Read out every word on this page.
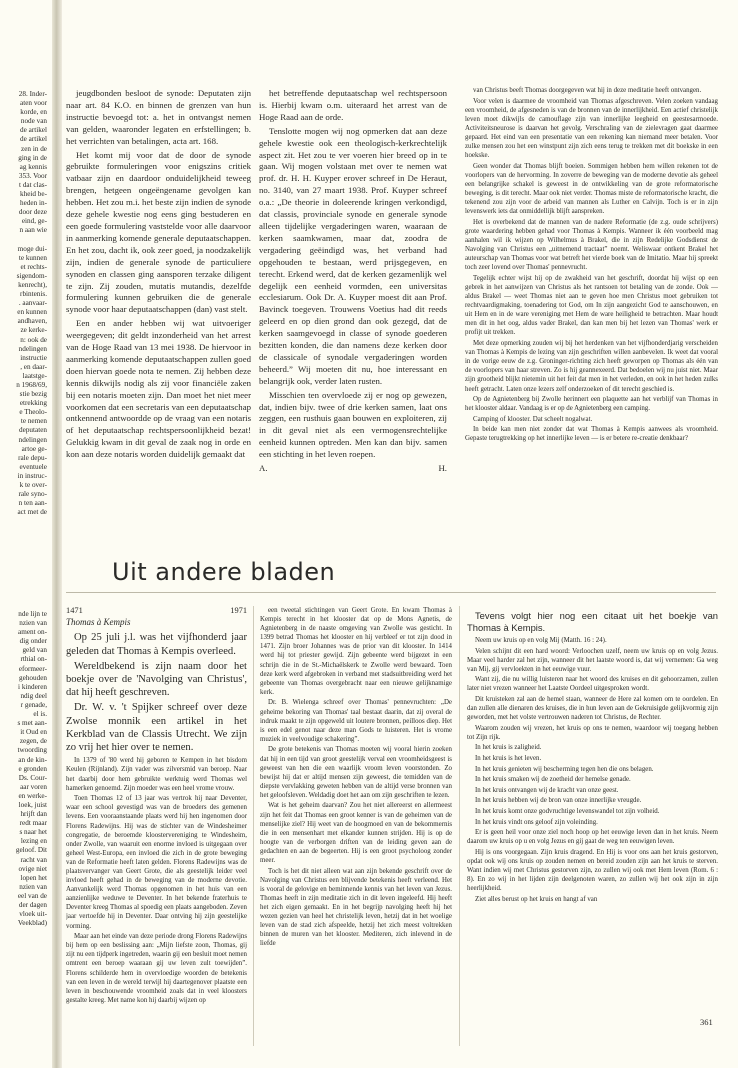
28. Inder-
aten voor
korde, en
node van
de artikel
de artikel
zen in de
ging in de
ag kennis
353. Voor
t dat clas-
kheid be-
heden in-
door deze
eind, ge-
n aan wie

moge dui-
te kunnen
et rechts-
sigendom-
kenrecht),
rbintenis.
. aanvaar-
en kunnen
andhaven,
ze kerke-
n: ook de
ndelingen
instructie
, en daar-
laatstge-
n 1968/69,
stie bezig
etrekking
e Theolo-
te nemen
deputaten
ndelingen
artoe ge-
rale depu-
eventuele
in instruc-
k te over-
rale syno-
n ten aan-
act met de
nde lijn te
nzien van
ament on-
dig onder
geld van
rthial on-
eformeer-
gehouden
i kinderen
ndig deel
r genade,
el is.
s met aan-
it Oud en
zegen, de
twoording
an de kin-
e gronden
Ds. Cour-
aar voren
en werke-
loek, juist
hrijft dan
redt maar
s naar het
lezing en
geloof. Dit
racht van
ovige niet
lopen het
nzien van
eel van de
der dagen
vloek uit-
Veekblad)

jeugdbonden besloot de synode: Deputaten zijn naar art. 84 K.O. en binnen de grenzen van hun instructie bevoegd tot: a. het in ontvangst nemen van gelden, waaronder legaten en erfstellingen; b. het verrichten van betalingen, acta art. 168.

Het komt mij voor dat de door de synode gebruikte formuleringen voor enigszins critiek vatbaar zijn en daardoor onduidelijkheid teweeg brengen, hetgeen ongeëngename gevolgen kan hebben. Het zou m.i. het beste zijn indien de synode deze gehele kwestie nog eens ging bestuderen en een goede formulering vaststelde voor alle daarvoor in aanmerking komende generale deputaatschappen. En het zou, dacht ik, ook zeer goed, ja noodzakelijk zijn, indien de generale synode de particuliere synoden en classen ging aansporen terzake diligent te zijn. Zij zouden, mutatis mutandis, dezelfde formulering kunnen gebruiken die de generale synode voor haar deputaatschappen (dan) vast stelt.

Een en ander hebben wij wat uitvoeriger weergegeven; dit geldt inzonderheid van het arrest van de Hoge Raad van 13 mei 1938. De hiervoor in aanmerking komende deputaatschappen zullen goed doen hiervan goede nota te nemen. Zij hebben deze kennis dikwijls nodig als zij voor financiële zaken bij een notaris moeten zijn. Dan moet het niet meer voorkomen dat een secretaris van een deputaatschap ontkennend antwoordde op de vraag van een notaris of het deputaatschap rechtspersoonlijkheid bezat! Gelukkig kwam in dit geval de zaak nog in orde en kon aan deze notaris worden duidelijk gemaakt dat

het betreffende deputaatschap wel rechtspersoon is. Hierbij kwam o.m. uiteraard het arrest van de Hoge Raad aan de orde.

Tenslotte mogen wij nog opmerken dat aan deze gehele kwestie ook een theologisch-kerkrechtelijk aspect zit. Het zou te ver voeren hier breed op in te gaan. Wij mogen volstaan met over te nemen wat prof. dr. H. H. Kuyper erover schreef in De Heraut, no. 3140, van 27 maart 1938. Prof. Kuyper schreef o.a.: „De theorie in doleerende kringen verkondigd, dat classis, provinciale synode en generale synode alleen tijdelijke vergaderingen waren, waaraan de kerken saamkwamen, maar dat, zoodra de vergadering geëindigd was, het verband had opgehouden te bestaan, werd prijsgegeven, en terecht. Erkend werd, dat de kerken gezamenlijk wel degelijk een eenheid vormden, een universitas ecclesiarum. Ook Dr. A. Kuyper moest dit aan Prof. Bavinck toegeven. Trouwens Voetius had dit reeds geleerd en op dien grond dan ook gezegd, dat de kerken saamgevoegd in classe of synode goederen bezitten konden, die dan namens deze kerken door de classicale of synodale vergaderingen worden beheerd.” Wij moeten dit nu, hoe interessant en belangrijk ook, verder laten rusten.

Misschien ten overvloede zij er nog op gewezen, dat, indien bijv. twee of drie kerken samen, laat ons zeggen, een rusthuis gaan bouwen en exploiteren, zij in dit geval niet als een vermogensrechtelijke eenheid kunnen optreden. Men kan dan bijv. samen een stichting in het leven roepen.

A.	H.

van Christus beeft Thomas doorgegeven wat hij in deze meditatie heeft ontvangen.

Voor velen is daarmee de vroomheid van Thomas afgeschreven. Velen zoeken vandaag een vroomheid, de afgesneden is van de bronnen van de innerlijkheid. Een actief christelijk leven moet dikwijls de camouflage zijn van innerlijke leegheid en geestesarmoede. Activiteitsneurose is daarvan het gevolg. Verschraling van de zielevragen gaat daarmee gepaard. Het eind van een presentatie van een rekening kan niemand meer betalen. Voor zulke mensen zou het een winstpunt zijn zich eens terug te trekken met dit boekske in een hoekske.

Geen wonder dat Thomas blijft boeien. Sommigen hebben hem willen rekenen tot de voorlopers van de hervorming. In zoverre de beweging van de moderne devotie als geheel een belangrijke schakel is geweest in de ontwikkeling van de grote reformatorische beweging, is dit terecht. Maar ook niet verder. Thomas miste de reformatorische kracht, die tekenend zou zijn voor de arbeid van mannen als Luther en Calvijn. Toch is er in zijn levenswerk iets dat onmiddellijk blijft aanspreken.

Het is overbekend dat de mannen van de nadere Reformatie (de z.g. oude schrijvers) grote waardering hebben gehad voor Thomas à Kempis. Wanneer ik één voorbeeld mag aanhalen wil ik wijzen op Wilhelmus à Brakel, die in zijn Redelijke Godsdienst de Navolging van Christus een „uitnemend tractaat” noemt. Weliswaar ontkent Brakel het auteurschap van Thomas voor wat betreft het vierde boek van de Imitatio. Maar hij spreekt toch zeer lovend over Thomas' pennevrucht.

Tegelijk echter wijst hij op de zwakheid van het geschrift, doordat hij wijst op een gebrek in het aanwijzen van Christus als het rantsoen tot betaling van de zonde. Ook — aldus Brakel — weet Thomas niet aan te geven hoe men Christus moet gebruiken tot rechtvaardigmaking, toenadering tot God, om In zijn aangezicht God te aanschouwen, en uit Hem en in de ware vereniging met Hem de ware heiligheid te betrachten. Maar houdt men dit in het oog, aldus vader Brakel, dan kan men bij het lezen van Thomas' werk er profijt uit trekken.

Met deze opmerking zouden wij bij het herdenken van het vijfhonderdjarig verscheiden van Thomas à Kempis de lezing van zijn geschriften willen aanbevelen. Ik weet dat vooral in de vorige eeuw de z.g. Groninger-richting zich heeft geworpen op Thomas als één van de voorlopers van haar streven. Zo is hij geannexeerd. Dat bedoelen wij nu juist niet. Maar zijn grootheid blijkt nietemin uit het feit dat men in het verleden, en ook in het heden zulks heeft getracht. Laten onze lezers zelf onderzoeken of dit terecht geschied is.

Op de Agnietenberg bij Zwolle herinnert een plaquette aan het verblijf van Thomas in het klooster aldaar. Vandaag is er op de Agnietenberg een camping.

Camping of klooster. Dat scheelt nogalwat.

In beide kan men niet zonder dat wat Thomas à Kempis aanwees als vroomheid. Gepaste terugtrekking op het innerlijke leven — is er betere re-creatie denkbaar?

Uit andere bladen
1471	1971
Thomas à Kempis

Op 25 juli j.l. was het vijfhonderd jaar geleden dat Thomas à Kempis overleed.

Wereldbekend is zijn naam door het boekje over de 'Navolging van Christus', dat hij heeft geschreven.

Dr. W. v. 't Spijker schreef over deze Zwolse monnik een artikel in het Kerkblad van de Classis Utrecht. We zijn zo vrij het hier over te nemen.

In 1379 of '80 werd hij geboren te Kempen in het bisdom Keulen (Rijnland). Zijn vader was zilversmid van beroep. Naar het daarbij door hem gebruikte werktuig werd Thomas wel hamerken genoemd. Zijn moeder was een heel vrome vrouw.

Toen Thomas 12 of 13 jaar was vertrok hij naar Deventer, waar een school gevestigd was van de broeders des gemenen levens. Een vooraanstaande plaats werd hij hen ingenomen door Florens Radewijns. Hij was de stichter van de Windesheimer congregatie, de beroemde kloostervereniging te Windesheim, onder Zwolle, van waaruit een enorme invloed is uitgegaan over geheel West-Europa, een invloed die zich in de grote beweging van de Reformatie heeft laten gelden. Florens Radewijns was de plaatsvervanger van Geert Grote, die als geestelijk leider veel invloed heeft gehad in de beweging van de moderne devotie. Aanvankelijk werd Thomas opgenomen in het huis van een aanzienlijke weduwe te Deventer. In het bekende fraterhuis te Deventer kreeg Thomas al spoedig een plaats aangeboden. Zeven jaar vertoefde hij in Deventer. Daar ontving hij zijn geestelijke vorming.

Maar aan het einde van deze periode drong Florens Radewijns bij hem op een beslissing aan: „Mijn liefste zoon, Thomas, gij zijt nu een tijdperk ingetreden, waarin gij een besluit moet nemen omtrent een beroep waaraan gij uw leven zult toewijden”. Florens schilderde hem in overvloedige woorden de betekenis van een leven in de wereld terwijl hij daartegenover plaatste een leven in beschouwende vroomheid zoals dat in veel kloosters gestalte kreeg. Met name kon hij daarbij wijzen op

een tweetal stichtingen van Geert Grote. En kwam Thomas à Kempis terecht in het klooster dat op de Mons Agnetis, de Agnietenberg in de naaste omgeving van Zwolle was gesticht. In 1399 betrad Thomas het klooster en hij verbleef er tot zijn dood in 1471. Zijn broer Johannes was de prior van dit klooster. In 1414 werd hij tot priester gewijd. Zijn gebeente werd bijgezet in een schrijn die in de St.-Michaëlskerk te Zwolle werd bewaard. Toen deze kerk werd afgebroken in verband met stadsuitbreiding werd het gebeente van Thomas overgebracht naar een nieuwe gelijknamige kerk.

Dr. B. Wielenga schreef over Thomas' pennevruchten: „De geheime bekoring van Thomas' taal bestaat daarin, dat zij overal de indruk maakt te zijn opgeweld uit loutere bronnen, peilloos diep. Het is een edel genot naar deze man Gods te luisteren. Het is vrome muziek in veelvoudige schakering”.

De grote betekenis van Thomas moeten wij vooral hierin zoeken dat hij in een tijd van groot geestelijk verval een vroomheidsgeest is geweest van hen die een waarlijk vroom leven voorstonden. Zo bewijst hij dat er altijd mensen zijn geweest, die temidden van de diepste vervlakking geweten hebben van de altijd verse bronnen van het geloofsleven. Weldadig doet het aan om zijn geschriften te lezen.

Wat is het geheim daarvan? Zou het niet allereerst en allermeest zijn het feit dat Thomas een groot kenner is van de geheimen van de menselijke ziel? Hij weet van de hoogmoed en van de bekommernis die in een mensenhart met elkander kunnen strijden. Hij is op de hoogte van de verborgen driften van de leiding geven aan de gedachten en aan de begeerten. Hij is een groot psycholoog zonder meer.

Toch is het dit niet alleen wat aan zijn bekende geschrift over de Navolging van Christus een blijvende betekenis heeft verleend. Het is vooral de gelovige en beminnende kennis van het leven van Jezus. Thomas heeft in zijn meditatie zich in dit leven ingeleefd. Hij heeft het zich eigen gemaakt. En in het begrijp navolging heeft hij het wezen gezien van heel het christelijk leven, hetzij dat in het woelige leven van de stad zich afspeelde, hetzij het zich meest voltrekken binnen de muren van het klooster. Mediteren, zich inlevend in de liefde

Tevens volgt hier nog een citaat uit het boekje van Thomas à Kempis.

Neem uw kruis op en volg Mij (Matth. 16 : 24).

Velen schijnt dit een hard woord: Verloochen uzelf, neem uw kruis op en volg Jezus. Maar veel harder zal het zijn, wanneer dit het laatste woord is, dat wij vernemen: Ga weg van Mij, gij vervloekten in het eeuwige vuur.

Want zij, die nu willig luisteren naar het woord des kruises en dit gehoorzamen, zullen later niet vrezen wanneer het Laatste Oordeel uitgesproken wordt.

Dit kruisteken zal aan de hemel staan, wanneer de Here zal komen om te oordelen. En dan zullen alle dienaren des kruises, die in hun leven aan de Gekruisigde gelijkvormig zijn geworden, met het volste vertrouwen naderen tot Christus, de Rechter.

Waarom zouden wij vrezen, het kruis op ons te nemen, waardoor wij toegang hebben tot Zijn rijk.

In het kruis is zaligheid.

In het kruis is het leven.

In het kruis genieten wij bescherming tegen hen die ons belagen.

In het kruis smaken wij de zoetheid der hemelse genade.

In het kruis ontvangen wij de kracht van onze geest.

In het kruis hebben wij de bron van onze innerlijke vreugde.

In het kruis komt onze godvruchtige levenswandel tot zijn volheid.

In het kruis vindt ons geloof zijn voleinding.

Er is geen heil voor onze ziel noch hoop op het eeuwige leven dan in het kruis. Neem daarom uw kruis op u en volg Jezus en gij gaat de weg ten eeuwigen leven.

Hij is ons voorgegaan. Zijn kruis dragend. En Hij is voor ons aan het kruis gestorven, opdat ook wij ons kruis op zouden nemen en bereid zouden zijn aan het kruis te sterven. Want indien wij met Christus gestorven zijn, zo zullen wij ook met Hem leven (Rom. 6 : 8). En zo wij in het lijden zijn deelgenoten waren, zo zullen wij het ook zijn in zijn heerlijkheid.

Ziet alles berust op het kruis en hangt af van

361
